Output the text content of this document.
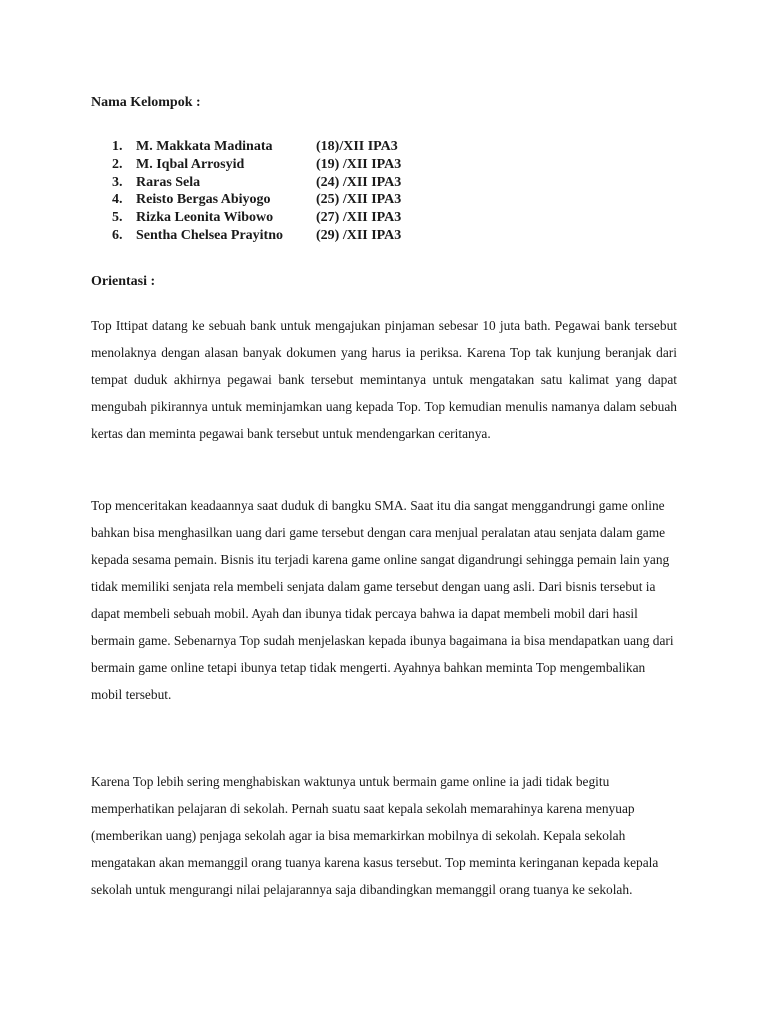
Nama Kelompok :

1. M. Makkata Madinata	(18)/XII IPA3
2. M. Iqbal Arrosyid	(19) /XII IPA3
3. Raras Sela	(24) /XII IPA3
4. Reisto Bergas Abiyogo	(25) /XII IPA3
5. Rizka Leonita Wibowo	(27) /XII IPA3
6. Sentha Chelsea Prayitno (29) /XII IPA3

Orientasi :

Top Ittipat datang ke sebuah bank untuk mengajukan pinjaman sebesar 10 juta bath. Pegawai bank tersebut menolaknya dengan alasan banyak dokumen yang harus ia periksa. Karena Top tak kunjung beranjak dari tempat duduk akhirnya pegawai bank tersebut memintanya untuk mengatakan satu kalimat yang dapat mengubah pikirannya untuk meminjamkan uang kepada Top. Top kemudian menulis namanya dalam sebuah kertas dan meminta pegawai bank tersebut untuk mendengarkan ceritanya.

Top menceritakan keadaannya saat duduk di bangku SMA. Saat itu dia sangat menggandrungi game online bahkan bisa menghasilkan uang dari game tersebut dengan cara menjual peralatan atau senjata dalam game kepada sesama pemain. Bisnis itu terjadi karena game online sangat digandrungi sehingga pemain lain yang tidak memiliki senjata rela membeli senjata dalam game tersebut dengan uang asli. Dari bisnis tersebut ia dapat membeli sebuah mobil. Ayah dan ibunya tidak percaya bahwa ia dapat membeli mobil dari hasil bermain game. Sebenarnya Top sudah menjelaskan kepada ibunya bagaimana ia bisa mendapatkan uang dari bermain game online tetapi ibunya tetap tidak mengerti. Ayahnya bahkan meminta Top mengembalikan mobil tersebut.

Karena Top lebih sering menghabiskan waktunya untuk bermain game online ia jadi tidak begitu memperhatikan pelajaran di sekolah. Pernah suatu saat kepala sekolah memarahinya karena menyuap (memberikan uang) penjaga sekolah agar ia bisa memarkirkan mobilnya di sekolah. Kepala sekolah mengatakan akan memanggil orang tuanya karena kasus tersebut. Top meminta keringanan kepada kepala sekolah untuk mengurangi nilai pelajarannya saja dibandingkan memanggil orang tuanya ke sekolah.
